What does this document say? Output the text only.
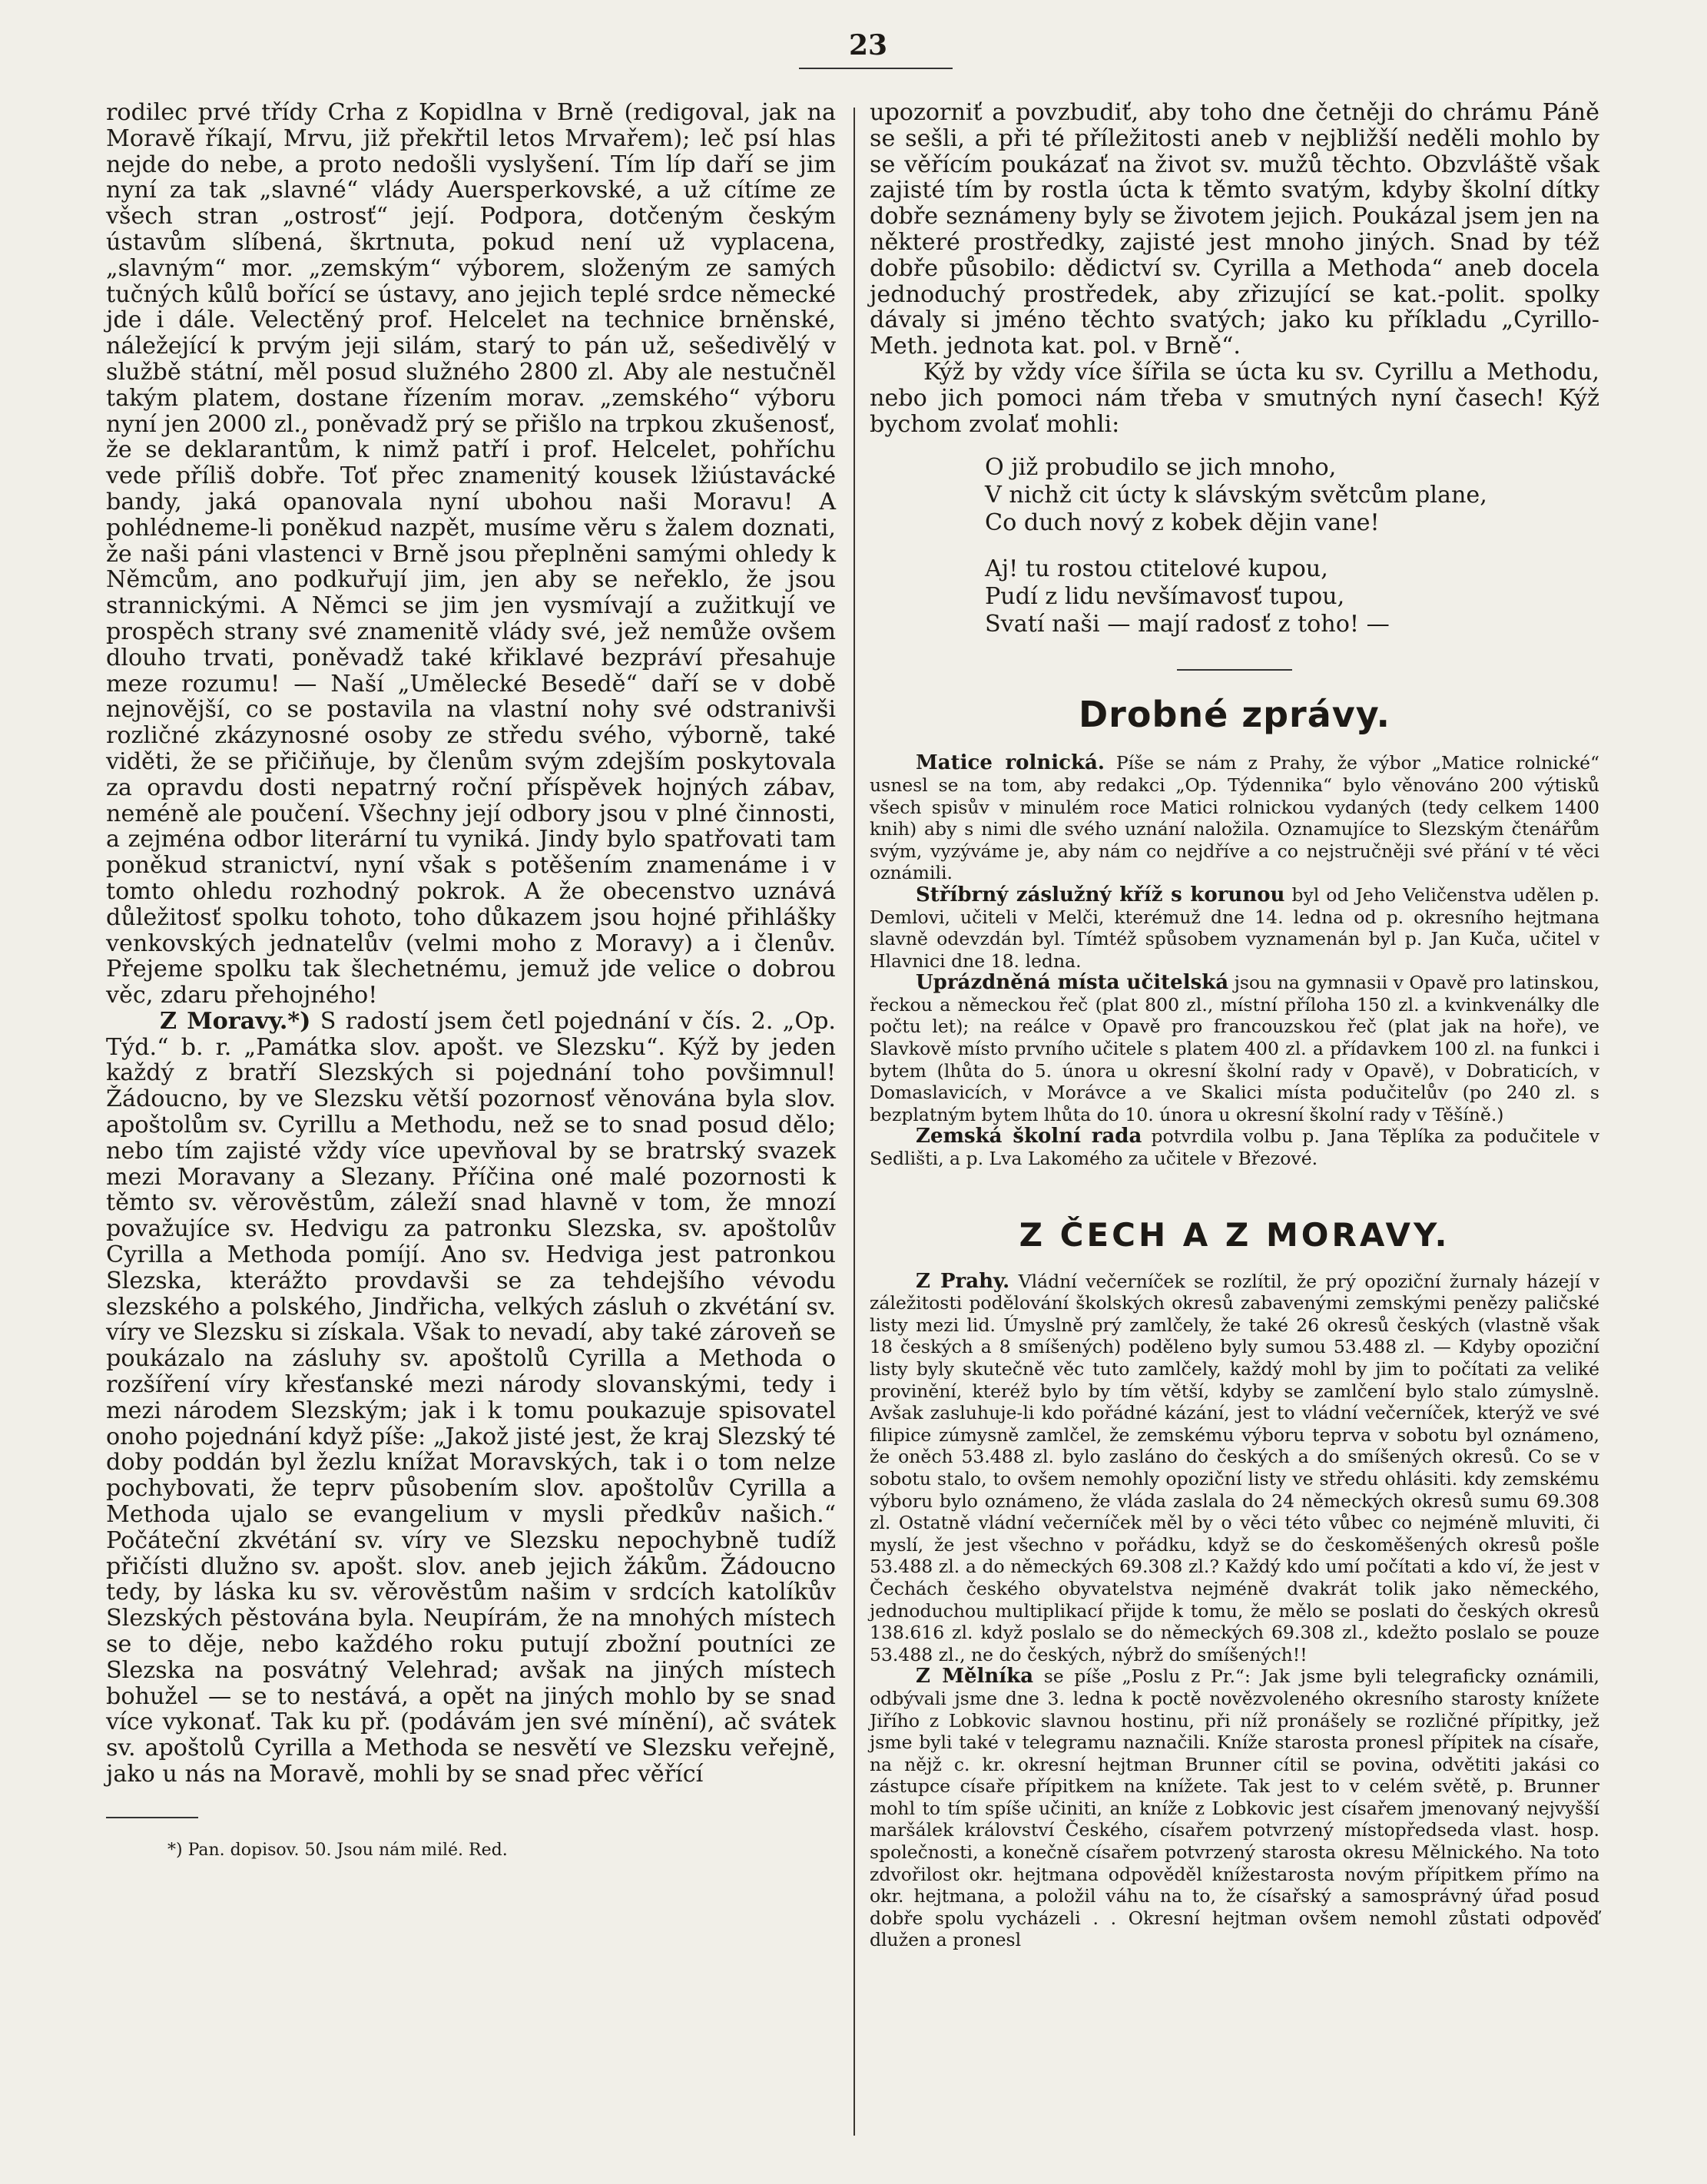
23

rodilec prvé třídy Crha z Kopidlna v Brně (redigoval, jak na Moravě říkají, Mrvu, již překřtil letos Mrvařem); leč psí hlas nejde do nebe, a proto nedošli vyslyšení. Tím líp daří se jim nyní za tak „slavné“ vlády Auersperkovské, a už cítíme ze všech stran „ostrosť“ její. Podpora, dotčeným českým ústavům slíbená, škrtnuta, pokud není už vyplacena, „slavným“ mor. „zemským“ výborem, složeným ze samých tučných kůlů bořící se ústavy, ano jejich teplé srdce německé jde i dále. Velectěný prof. Helcelet na technice brněnské, náležející k prvým jeji silám, starý to pán už, sešedivělý v službě státní, měl posud služného 2800 zl. Aby ale nestučněl takým platem, dostane řízením morav. „zemského“ výboru nyní jen 2000 zl., poněvadž prý se přišlo na trpkou zkušenosť, že se deklarantům, k nimž patří i prof. Helcelet, pohříchu vede příliš dobře. Toť přec znamenitý kousek lžiústavácké bandy, jaká opanovala nyní ubohou naši Moravu! A pohlédneme-li poněkud nazpět, musíme věru s žalem doznati, že naši páni vlastenci v Brně jsou přeplněni samými ohledy k Němcům, ano podkuřují jim, jen aby se neřeklo, že jsou strannickými. A Němci se jim jen vysmívají a zužitkují ve prospěch strany své znamenitě vlády své, jež nemůže ovšem dlouho trvati, poněvadž také křiklavé bezpráví přesahuje meze rozumu! — Naší „Umělecké Besedě“ daří se v době nejnovější, co se postavila na vlastní nohy své odstranivši rozličné zkázynosné osoby ze středu svého, výborně, také viděti, že se přičiňuje, by členům svým zdejším poskytovala za opravdu dosti nepatrný roční příspěvek hojných zábav, neméně ale poučení. Všechny její odbory jsou v plné činnosti, a zejména odbor literární tu vyniká. Jindy bylo spatřovati tam poněkud stranictví, nyní však s potěšením znamenáme i v tomto ohledu rozhodný pokrok. A že obecenstvo uznává důležitosť spolku tohoto, toho důkazem jsou hojné přihlášky venkovských jednatelův (velmi moho z Moravy) a i členův. Přejeme spolku tak šlechetnému, jemuž jde velice o dobrou věc, zdaru přehojného!

Z Moravy.*) S radostí jsem četl pojednání v čís. 2. „Op. Týd.“ b. r. „Památka slov. apošt. ve Slezsku“. Kýž by jeden každý z bratří Slezských si pojednání toho povšimnul! Žádoucno, by ve Slezsku větší pozornosť věnována byla slov. apoštolům sv. Cyrillu a Methodu, než se to snad posud dělo; nebo tím zajisté vždy více upevňoval by se bratrský svazek mezi Moravany a Slezany. Příčina oné malé pozornosti k těmto sv. věrověstům, záleží snad hlavně v tom, že mnozí považujíce sv. Hedvigu za patronku Slezska, sv. apoštolův Cyrilla a Methoda pomíjí. Ano sv. Hedviga jest patronkou Slezska, kterážto provdavši se za tehdejšího vévodu slezského a polského, Jindřicha, velkých zásluh o zkvétání sv. víry ve Slezsku si získala. Však to nevadí, aby také zároveň se poukázalo na zásluhy sv. apoštolů Cyrilla a Methoda o rozšíření víry křesťanské mezi národy slovanskými, tedy i mezi národem Slezským; jak i k tomu poukazuje spisovatel onoho pojednání když píše: „Jakož jisté jest, že kraj Slezský té doby poddán byl žezlu knížat Moravských, tak i o tom nelze pochybovati, že teprv působením slov. apoštolův Cyrilla a Methoda ujalo se evangelium v mysli předkův našich.“ Počáteční zkvétání sv. víry ve Slezsku nepochybně tudíž přičísti dlužno sv. apošt. slov. aneb jejich žákům. Žádoucno tedy, by láska ku sv. věrověstům našim v srdcích katolíkův Slezských pěstována byla. Neupírám, že na mnohých místech se to děje, nebo každého roku putují zbožní poutníci ze Slezska na posvátný Velehrad; avšak na jiných místech bohužel — se to nestává, a opět na jiných mohlo by se snad více vykonať. Tak ku př. (podávám jen své mínění), ač svátek sv. apoštolů Cyrilla a Methoda se nesvětí ve Slezsku veřejně, jako u nás na Moravě, mohli by se snad přec věřící

*) Pan. dopisov. 50. Jsou nám milé. Red.

upozorniť a povzbudiť, aby toho dne četněji do chrámu Páně se sešli, a při té příležitosti aneb v nejbližší neděli mohlo by se věřícím poukázať na život sv. mužů těchto. Obzvláště však zajisté tím by rostla úcta k těmto svatým, kdyby školní dítky dobře seznámeny byly se životem jejich. Poukázal jsem jen na některé prostředky, zajisté jest mnoho jiných. Snad by též dobře působilo: dědictví sv. Cyrilla a Methoda“ aneb docela jednoduchý prostředek, aby zřizující se kat.-polit. spolky dávaly si jméno těchto svatých; jako ku příkladu „Cyrillo-Meth. jednota kat. pol. v Brně“.

Kýž by vždy více šířila se úcta ku sv. Cyrillu a Methodu, nebo jich pomoci nám třeba v smutných nyní časech! Kýž bychom zvolať mohli:

O již probudilo se jich mnoho,
V nichž cit úcty k slávským světcům plane,
Co duch nový z kobek dějin vane!
Aj! tu rostou ctitelové kupou,
Pudí z lidu nevšímavosť tupou,
Svatí naši — mají radosť z toho! —
Drobné zprávy.

Matice rolnická. Píše se nám z Prahy, že výbor „Matice rolnické“ usnesl se na tom, aby redakci „Op. Týdennika“ bylo věnováno 200 výtisků všech spisův v minulém roce Matici rolnickou vydaných (tedy celkem 1400 knih) aby s nimi dle svého uznání naložila. Oznamujíce to Slezským čtenářům svým, vyzýváme je, aby nám co nejdříve a co nejstručněji své přání v té věci oznámili.

Stříbrný záslužný kříž s korunou byl od Jeho Veličenstva udělen p. Demlovi, učiteli v Melči, kterémuž dne 14. ledna od p. okresního hejtmana slavně odevzdán byl. Tímtéž spůsobem vyznamenán byl p. Jan Kuča, učitel v Hlavnici dne 18. ledna.

Uprázdněná místa učitelská jsou na gymnasii v Opavě pro latinskou, řeckou a německou řeč (plat 800 zl., místní příloha 150 zl. a kvinkvenálky dle počtu let); na reálce v Opavě pro francouzskou řeč (plat jak na hoře), ve Slavkově místo prvního učitele s platem 400 zl. a přídavkem 100 zl. na funkci i bytem (lhůta do 5. února u okresní školní rady v Opavě), v Dobraticích, v Domaslavicích, v Morávce a ve Skalici místa podučitelův (po 240 zl. s bezplatným bytem lhůta do 10. února u okresní školní rady v Těšíně.)

Zemská školní rada potvrdila volbu p. Jana Těplíka za podučitele v Sedlišti, a p. Lva Lakomého za učitele v Březové.

Z ČECH A Z MORAVY.

Z Prahy. Vládní večerníček se rozlítil, že prý opoziční žurnaly házejí v záležitosti podělování školských okresů zabavenými zemskými penězy paličské listy mezi lid. Úmyslně prý zamlčely, že také 26 okresů českých (vlastně však 18 českých a 8 smíšených) poděleno byly sumou 53.488 zl. — Kdyby opoziční listy byly skutečně věc tuto zamlčely, každý mohl by jim to počítati za veliké provinění, kteréž bylo by tím větší, kdyby se zamlčení bylo stalo zúmyslně. Avšak zasluhuje-li kdo pořádné kázání, jest to vládní večerníček, kterýž ve své filipice zúmysně zamlčel, že zemskému výboru teprva v sobotu byl oznámeno, že oněch 53.488 zl. bylo zasláno do českých a do smíšených okresů. Co se v sobotu stalo, to ovšem nemohly opoziční listy ve středu ohlásiti. kdy zemskému výboru bylo oznámeno, že vláda zaslala do 24 německých okresů sumu 69.308 zl. Ostatně vládní večerníček měl by o věci této vůbec co nejméně mluviti, či myslí, že jest všechno v pořádku, když se do českoměšených okresů pošle 53.488 zl. a do německých 69.308 zl.? Každý kdo umí počítati a kdo ví, že jest v Čechách českého obyvatelstva nejméně dvakrát tolik jako německého, jednoduchou multiplikací přijde k tomu, že mělo se poslati do českých okresů 138.616 zl. když poslalo se do německých 69.308 zl., kdežto poslalo se pouze 53.488 zl., ne do českých, nýbrž do smíšených!!

Z Mělníka se píše „Poslu z Pr.“: Jak jsme byli telegraficky oznámili, odbývali jsme dne 3. ledna k poctě novězvoleného okresního starosty knížete Jiřího z Lobkovic slavnou hostinu, při níž pronášely se rozličné přípitky, jež jsme byli také v telegramu naznačili. Kníže starosta pronesl přípitek na císaře, na nějž c. kr. okresní hejtman Brunner cítil se povina, odvětiti jakási co zástupce císaře přípitkem na knížete. Tak jest to v celém světě, p. Brunner mohl to tím spíše učiniti, an kníže z Lobkovic jest císařem jmenovaný nejvyšší maršálek království Českého, císařem potvrzený místopředseda vlast. hosp. společnosti, a konečně císařem potvrzený starosta okresu Mělnického. Na toto zdvořilost okr. hejtmana odpověděl knížestarosta novým přípitkem přímo na okr. hejtmana, a položil váhu na to, že císařský a samosprávný úřad posud dobře spolu vycházeli . . Okresní hejtman ovšem nemohl zůstati odpověď dlužen a pronesl
